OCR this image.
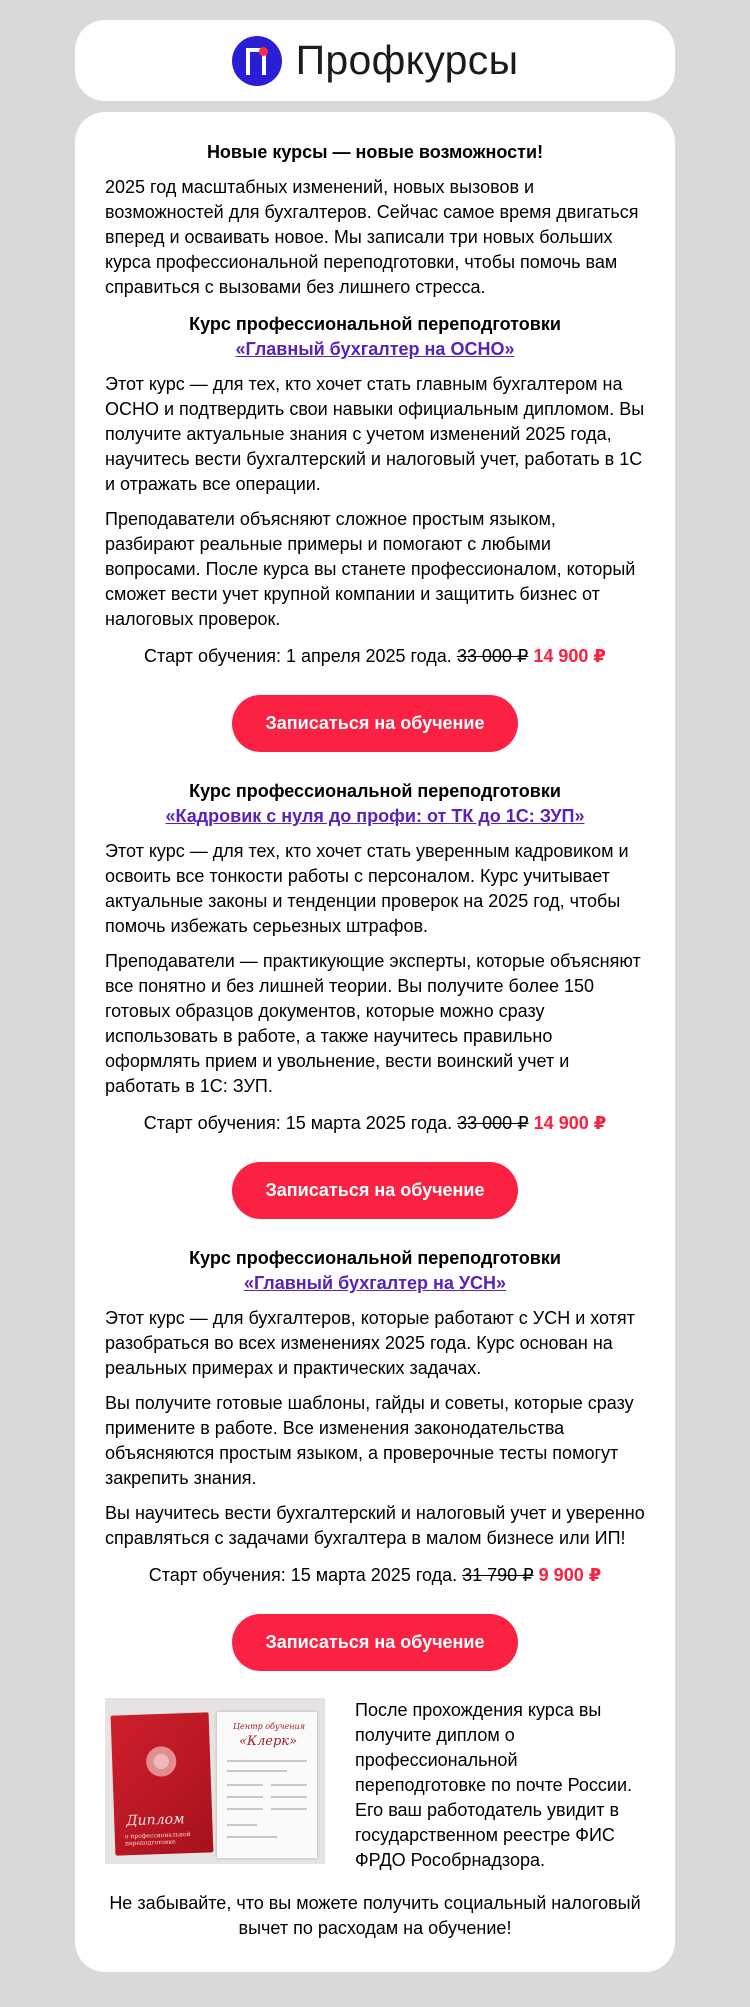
Профкурсы
Новые курсы — новые возможности!

2025 год масштабных изменений, новых вызовов и возможностей для бухгалтеров. Сейчас самое время двигаться вперед и осваивать новое. Мы записали три новых больших курса профессиональной переподготовки, чтобы помочь вам справиться с вызовами без лишнего стресса.

Курс профессиональной переподготовки
«Главный бухгалтер на ОСНО»

Этот курс — для тех, кто хочет стать главным бухгалтером на ОСНО и подтвердить свои навыки официальным дипломом. Вы получите актуальные знания с учетом изменений 2025 года, научитесь вести бухгалтерский и налоговый учет, работать в 1С и отражать все операции.

Преподаватели объясняют сложное простым языком, разбирают реальные примеры и помогают с любыми вопросами. После курса вы станете профессионалом, который сможет вести учет крупной компании и защитить бизнес от налоговых проверок.

Старт обучения: 1 апреля 2025 года. 33 000 ₽ 14 900 ₽
Записаться на обучение
Курс профессиональной переподготовки
«Кадровик с нуля до профи: от ТК до 1С: ЗУП»

Этот курс — для тех, кто хочет стать уверенным кадровиком и освоить все тонкости работы с персоналом. Курс учитывает актуальные законы и тенденции проверок на 2025 год, чтобы помочь избежать серьезных штрафов.

Преподаватели — практикующие эксперты, которые объясняют все понятно и без лишней теории. Вы получите более 150 готовых образцов документов, которые можно сразу использовать в работе, а также научитесь правильно оформлять прием и увольнение, вести воинский учет и работать в 1С: ЗУП.

Старт обучения: 15 марта 2025 года. 33 000 ₽ 14 900 ₽
Записаться на обучение
Курс профессиональной переподготовки
«Главный бухгалтер на УСН»

Этот курс — для бухгалтеров, которые работают с УСН и хотят разобраться во всех изменениях 2025 года. Курс основан на реальных примерах и практических задачах.

Вы получите готовые шаблоны, гайды и советы, которые сразу примените в работе. Все изменения законодательства объясняются простым языком, а проверочные тесты помогут закрепить знания.

Вы научитесь вести бухгалтерский и налоговый учет и уверенно справляться с задачами бухгалтера в малом бизнесе или ИП!

Старт обучения: 15 марта 2025 года. 31 790 ₽ 9 900 ₽
Записаться на обучение
Диплом
о профессиональной переподготовке
Центр обучения
«Клерк»

После прохождения курса вы получите диплом о профессиональной переподготовке по почте России. Его ваш работодатель увидит в государственном реестре ФИС ФРДО Рособрнадзора.

Не забывайте, что вы можете получить социальный налоговый вычет по расходам на обучение!
